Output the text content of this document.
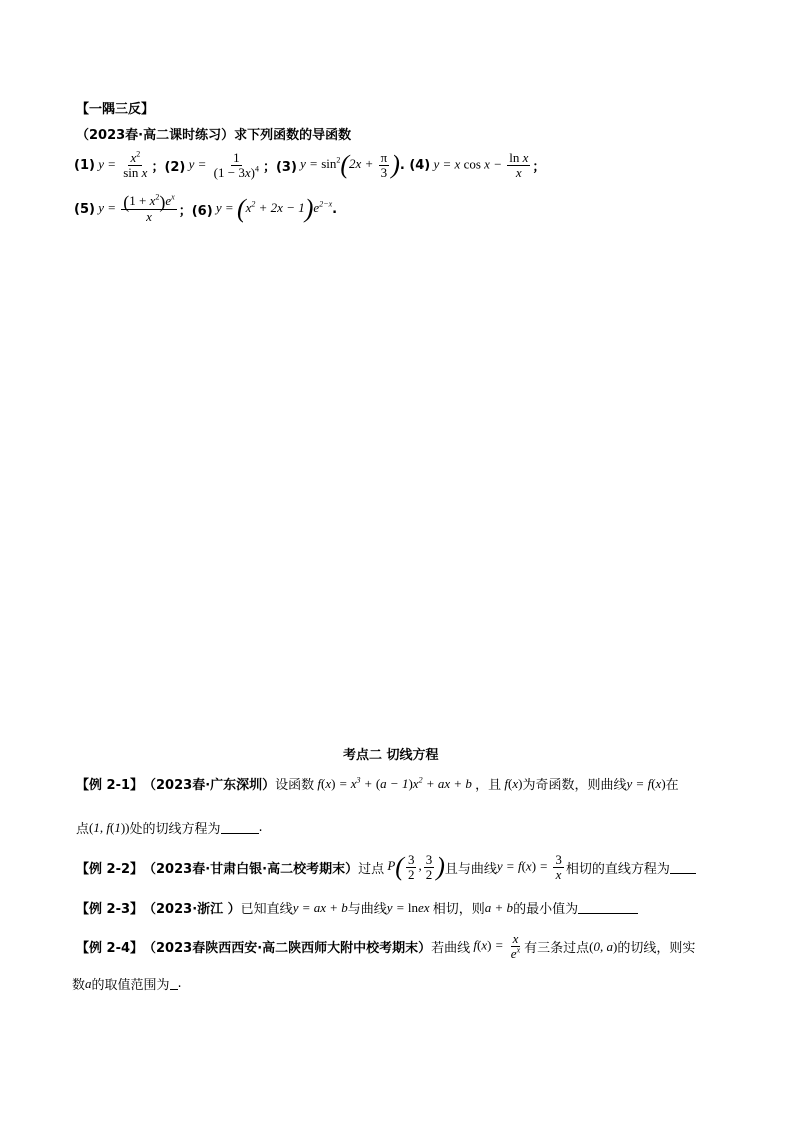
【一隅三反】
（2023春·高二课时练习）求下列函数的导函数
(1) $y = \frac{x^2}{\text{sin x}}$ ；(2) $y = \frac{1}{(1 - 3x)^4}$ ；(3) $y = \sin^2(2x + \frac{\pi}{3}$ ) . (4) y = x $\cos x - \frac{\text{ln x}}{x}$ ；
(5) $y = \frac{(1 + x^2)e^x}{x}$ ；(6) $y = (x^2 + 2x - 1)e^{2-x}$ .
考点二 切线方程
【例 2-1】 （2023春·广东深圳） 设函数 $f(x) = x^3 + (a - 1)x^2$ + ax + b ，且 f(x) 为奇函数，则曲线 y = f(x) 在
点 (1, f(1)) 处的切线方程为	.
【例 2-2】 （2023春·甘肃白银·高二校考期末） 过点 $P( \frac{3}{2}$ , $\frac{3}{2}$ ) 且与曲线 $y = f(x) = \frac{3}{x}$ 相切的直线方程为
【例 2-3】 （2023·浙江 ） 已知直线 y = ax + b 与曲线 y = lnex 相切，则 a + b 的最小值为
【例 2-4】 （2023春陕西西安·高二陕西师大附中校考期末） 若曲线 $f(x) = \frac{x}{e^x}$ 有三条过点 (0, a) 的切线，则实
数 a 的取值范围为 .
